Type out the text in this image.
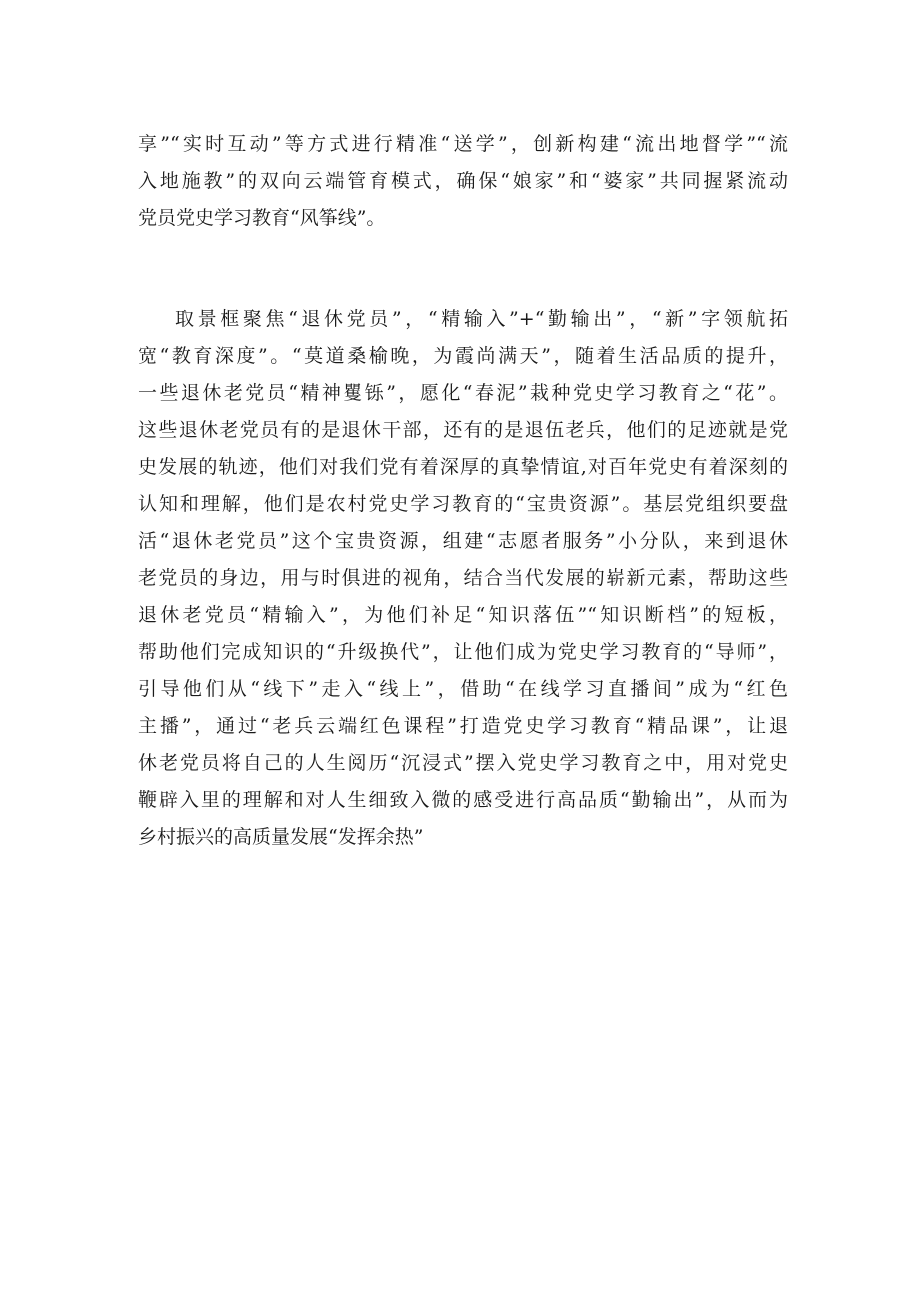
享”“实时互动”等方式进行精准“送学”，创新构建“流出地督学”“流
入地施教”的双向云端管育模式，确保“娘家”和“婆家”共同握紧流动
党员党史学习教育“风筝线”。

取景框聚焦“退休党员”，“精输入”+“勤输出”，“新”字领航拓
宽“教育深度”。“莫道桑榆晚，为霞尚满天”，随着生活品质的提升，
一些退休老党员“精神矍铄”，愿化“春泥”栽种党史学习教育之“花”。
这些退休老党员有的是退休干部，还有的是退伍老兵，他们的足迹就是党
史发展的轨迹，他们对我们党有着深厚的真挚情谊,对百年党史有着深刻的
认知和理解，他们是农村党史学习教育的“宝贵资源”。基层党组织要盘
活“退休老党员”这个宝贵资源，组建“志愿者服务”小分队，来到退休
老党员的身边，用与时俱进的视角，结合当代发展的崭新元素，帮助这些
退休老党员“精输入”，为他们补足“知识落伍”“知识断档”的短板，
帮助他们完成知识的“升级换代”，让他们成为党史学习教育的“导师”，
引导他们从“线下”走入“线上”，借助“在线学习直播间”成为“红色
主播”，通过“老兵云端红色课程”打造党史学习教育“精品课”，让退
休老党员将自己的人生阅历“沉浸式”摆入党史学习教育之中，用对党史
鞭辟入里的理解和对人生细致入微的感受进行高品质“勤输出”，从而为
乡村振兴的高质量发展“发挥余热”
